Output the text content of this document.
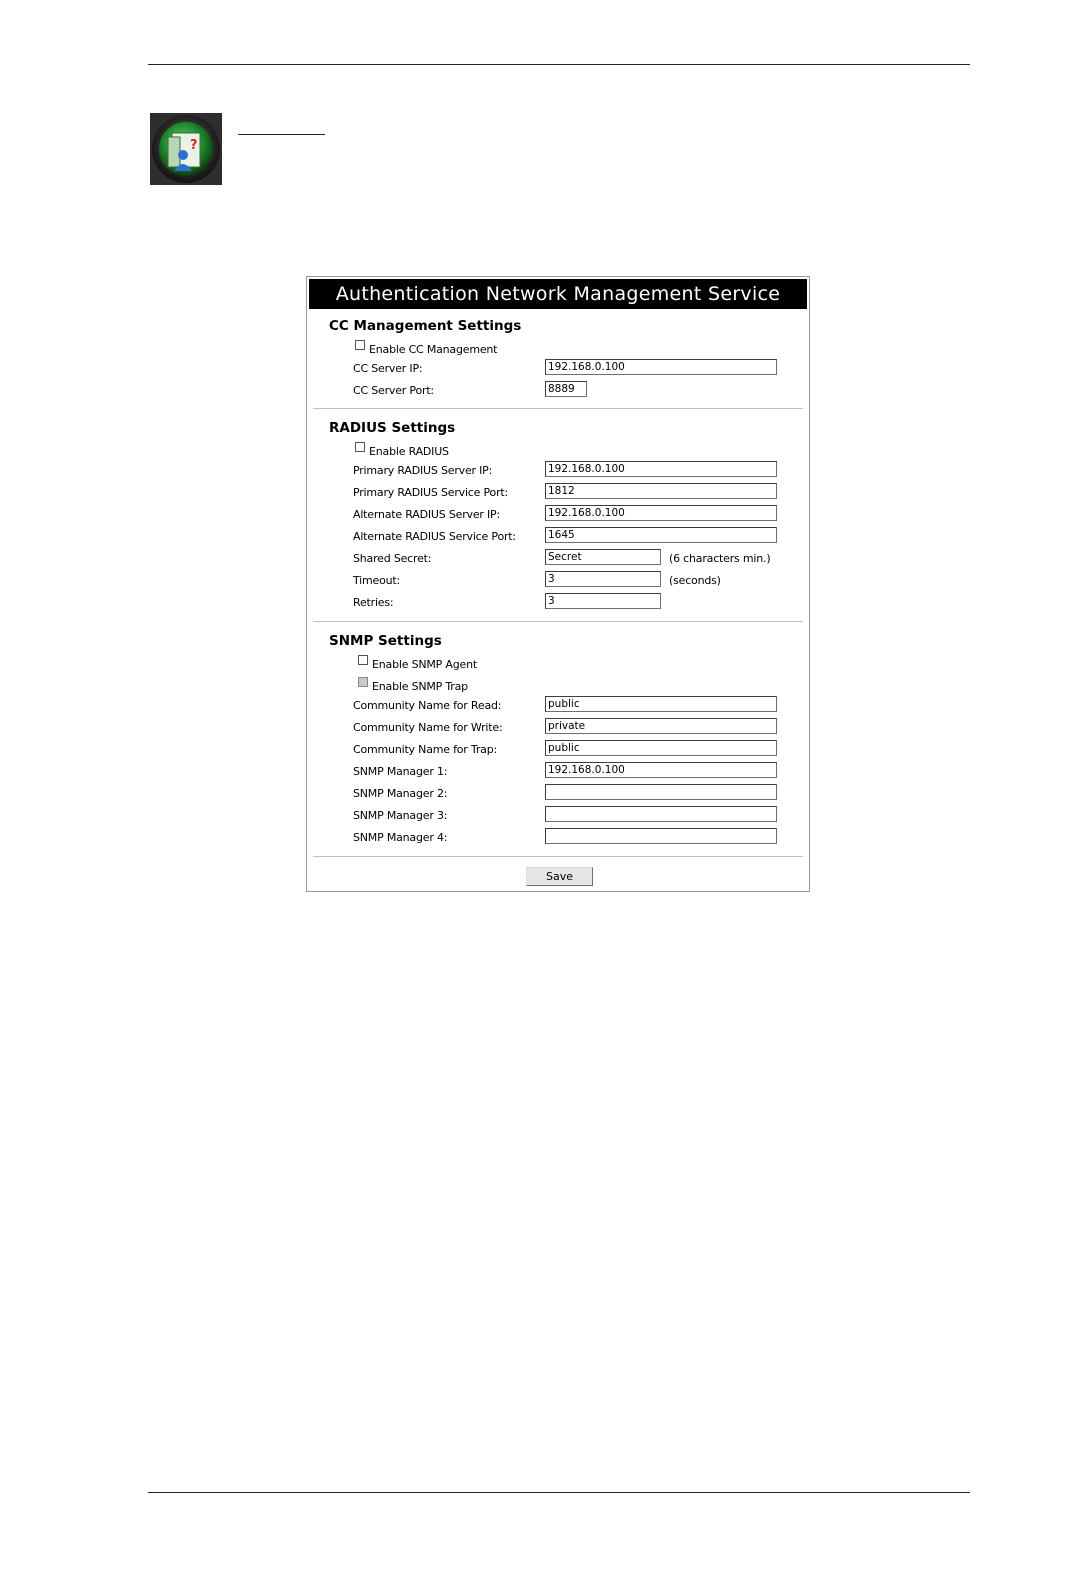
?
Authentication Network Management Service
CC Management Settings
Enable CC Management
CC Server IP:
192.168.0.100
CC Server Port:
8889
RADIUS Settings
Enable RADIUS
Primary RADIUS Server IP:
192.168.0.100
Primary RADIUS Service Port:
1812
Alternate RADIUS Server IP:
192.168.0.100
Alternate RADIUS Service Port:
1645
Shared Secret:
Secret	(6 characters min.)
Timeout:
3	(seconds)
Retries:
3
SNMP Settings
Enable SNMP Agent
Enable SNMP Trap
Community Name for Read:
public
Community Name for Write:
private
Community Name for Trap:
public
SNMP Manager 1:
192.168.0.100
SNMP Manager 2:
SNMP Manager 3:
SNMP Manager 4:
Save
